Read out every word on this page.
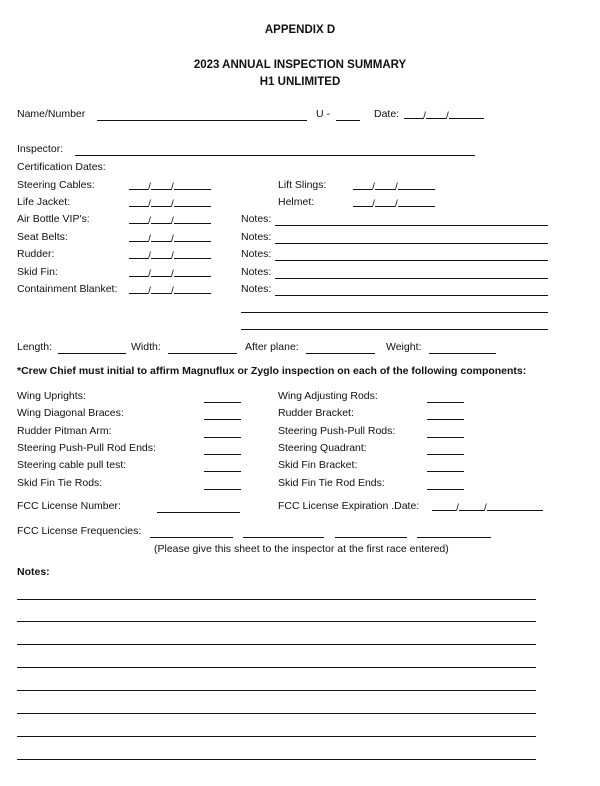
APPENDIX D
2023 ANNUAL INSPECTION SUMMARY
H1 UNLIMITED
Name/Number	U -	Date:	/ /
Inspector:
Certification Dates:
Steering Cables:	/ /
Life Jacket:	/ /
Air Bottle VIP's:	/ /
Seat Belts:	/ /
Rudder:	/ /
Skid Fin:	/ /
Containment Blanket:	/ /
Lift Slings:	/ /
Helmet:	/ /
Notes:
Notes:
Notes:
Notes:
Notes:
Length:	Width:	After plane:	Weight:
*Crew Chief must initial to affirm Magnuflux or Zyglo inspection on each of the following components:
Wing Uprights:
Wing Diagonal Braces:
Rudder Pitman Arm:
Steering Push-Pull Rod Ends:
Steering cable pull test:
Skid Fin Tie Rods:
Wing Adjusting Rods:
Rudder Bracket:
Steering Push-Pull Rods:
Steering Quadrant:
Skid Fin Bracket:
Skid Fin Tie Rod Ends:
FCC License Number:	FCC License Expiration .Date:	/ /
FCC License Frequencies:
(Please give this sheet to the inspector at the first race entered)
Notes:
